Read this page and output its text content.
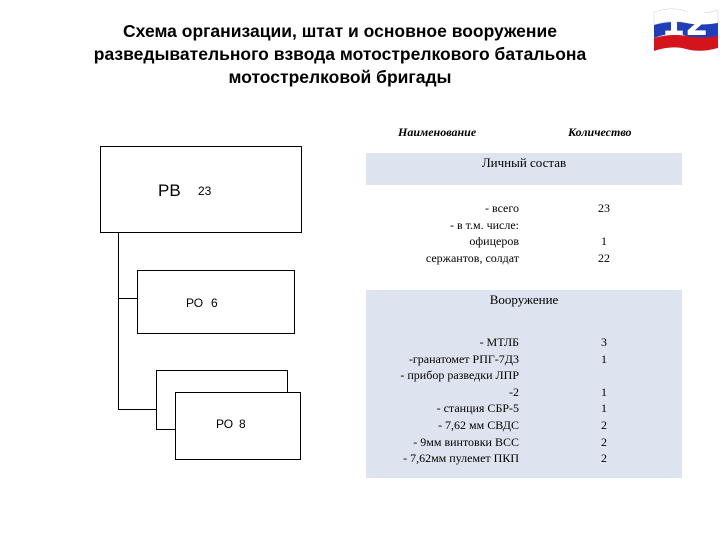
Схема организации, штат и основное вооружение
разведывательного взвода мотострелкового батальона
мотострелковой бригады
12
Наименование	Количество
РВ 23
РО 6
РО 8
Личный состав
- всего
- в т.м. числе:
офицеров
сержантов, солдат
23
1
22
Вооружение
- МТЛБ
-гранатомет РПГ-7Д3
- прибор разведки ЛПР
-2
- станция СБР-5
- 7,62 мм СВДС
- 9мм винтовки ВСС
- 7,62мм пулемет ПКП
3
1
1
1
2
2
2
